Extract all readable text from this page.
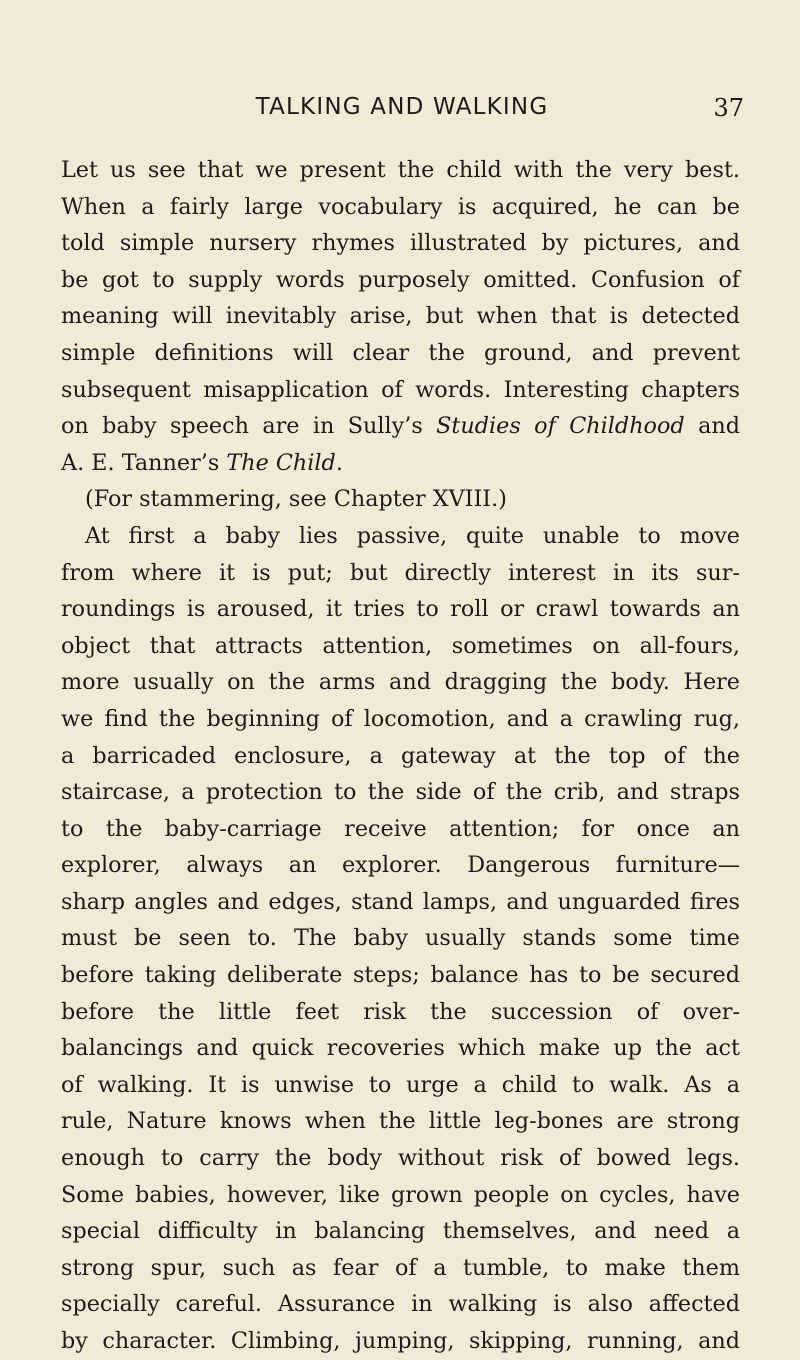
TALKING AND WALKING	37
Let us see that we present the child with the very best.
When a fairly large vocabulary is acquired, he can be
told simple nursery rhymes illustrated by pictures, and
be got to supply words purposely omitted. Confusion of
meaning will inevitably arise, but when that is detected
simple definitions will clear the ground, and prevent
subsequent misapplication of words. Interesting chapters
on baby speech are in Sully’s Studies of Childhood and
A. E. Tanner’s The Child.
(For stammering, see Chapter XVIII.)
At first a baby lies passive, quite unable to move
from where it is put; but directly interest in its sur-
roundings is aroused, it tries to roll or crawl towards an
object that attracts attention, sometimes on all-fours,
more usually on the arms and dragging the body. Here
we find the beginning of locomotion, and a crawling rug,
a barricaded enclosure, a gateway at the top of the
staircase, a protection to the side of the crib, and straps
to the baby-carriage receive attention; for once an
explorer, always an explorer. Dangerous furniture—
sharp angles and edges, stand lamps, and unguarded fires
must be seen to. The baby usually stands some time
before taking deliberate steps; balance has to be secured
before the little feet risk the succession of over-
balancings and quick recoveries which make up the act
of walking. It is unwise to urge a child to walk. As a
rule, Nature knows when the little leg-bones are strong
enough to carry the body without risk of bowed legs.
Some babies, however, like grown people on cycles, have
special difficulty in balancing themselves, and need a
strong spur, such as fear of a tumble, to make them
specially careful. Assurance in walking is also affected
by character. Climbing, jumping, skipping, running, and
